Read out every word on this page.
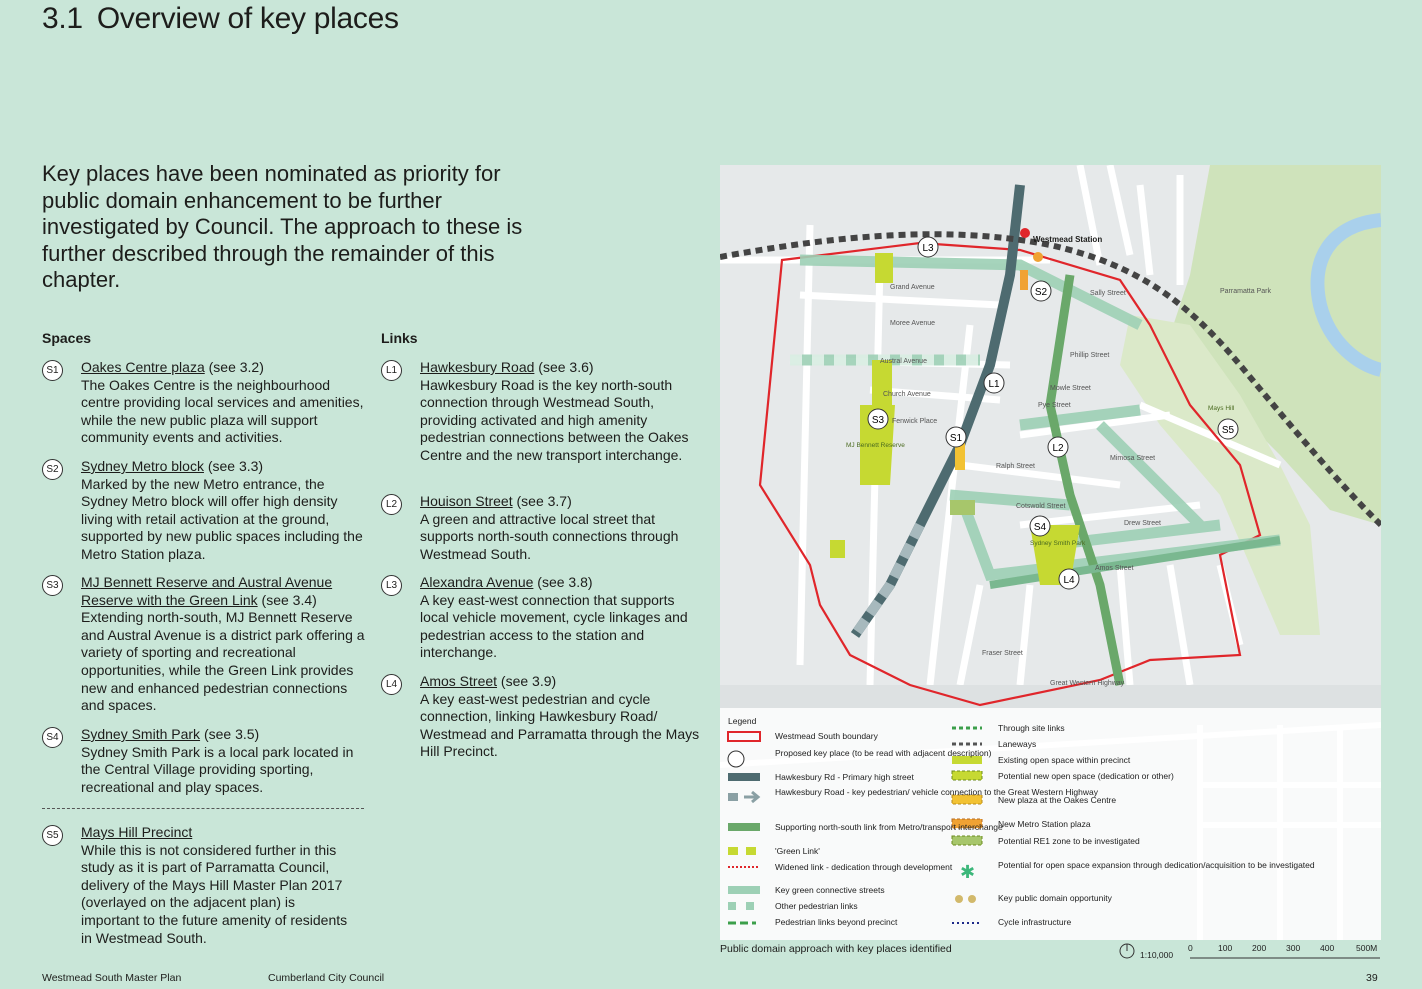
3.1 Overview of key places
Key places have been nominated as priority for public domain enhancement to be further investigated by Council. The approach to these is further described through the remainder of this chapter.
Spaces	Links
S1	Oakes Centre plaza (see 3.2)
The Oakes Centre is the neighbourhood centre providing local services and amenities, while the new public plaza will support community events and activities.
S2	Sydney Metro block (see 3.3)
Marked by the new Metro entrance, the Sydney Metro block will offer high density living with retail activation at the ground, supported by new public spaces including the Metro Station plaza.
S3	MJ Bennett Reserve and Austral Avenue Reserve with the Green Link (see 3.4)
Extending north-south, MJ Bennett Reserve and Austral Avenue is a district park offering a variety of sporting and recreational opportunities, while the Green Link provides new and enhanced pedestrian connections and spaces.
S4	Sydney Smith Park (see 3.5)
Sydney Smith Park is a local park located in the Central Village providing sporting, recreational and play spaces.
S5	Mays Hill Precinct
While this is not considered further in this study as it is part of Parramatta Council, delivery of the Mays Hill Master Plan 2017 (overlayed on the adjacent plan) is important to the future amenity of residents in Westmead South.
L1	Hawkesbury Road (see 3.6)
Hawkesbury Road is the key north-south connection through Westmead South, providing activated and high amenity pedestrian connections between the Oakes Centre and the new transport interchange.
L2	Houison Street (see 3.7)
A green and attractive local street that supports north-south connections through Westmead South.
L3	Alexandra Avenue (see 3.8)
A key east-west connection that supports local vehicle movement, cycle linkages and pedestrian access to the station and interchange.
L4	Amos Street (see 3.9)
A key east-west pedestrian and cycle connection, linking Hawkesbury Road/ Westmead and Parramatta through the Mays Hill Precinct.
Grand Avenue
Moree Avenue
Austral Avenue
Church Avenue
Fenwick Place
Ralph Street
Cotswold Street
Drew Street
Amos Street
Great Western Highway
Fraser Street
Pye Street
Mowle Street
Mimosa Street
Sally Street
Phillip Street
Westmead Station
Parramatta Park
MJ Bennett Reserve
Sydney Smith Park
Mays Hill
L3
S2
L1
S3
S1
L2
S5
S4
L4
Legend
✱
Westmead South boundary
Proposed key place (to be read with adjacent description)
Hawkesbury Rd - Primary high street
Hawkesbury Road - key pedestrian/ vehicle connection to the Great Western Highway
Supporting north-south link from Metro/transport interchange
'Green Link'
Widened link - dedication through development
Key green connective streets
Other pedestrian links
Pedestrian links beyond precinct
Through site links
Laneways
Existing open space within precinct
Potential new open space (dedication or other)
New plaza at the Oakes Centre
New Metro Station plaza
Potential RE1 zone to be investigated
Potential for open space expansion through dedication/acquisition to be investigated
Key public domain opportunity
Cycle infrastructure
Public domain approach with key places identified	1:10,000
0	100 200 300 400	500M
Westmead South Master Plan	Cumberland City Council	39
